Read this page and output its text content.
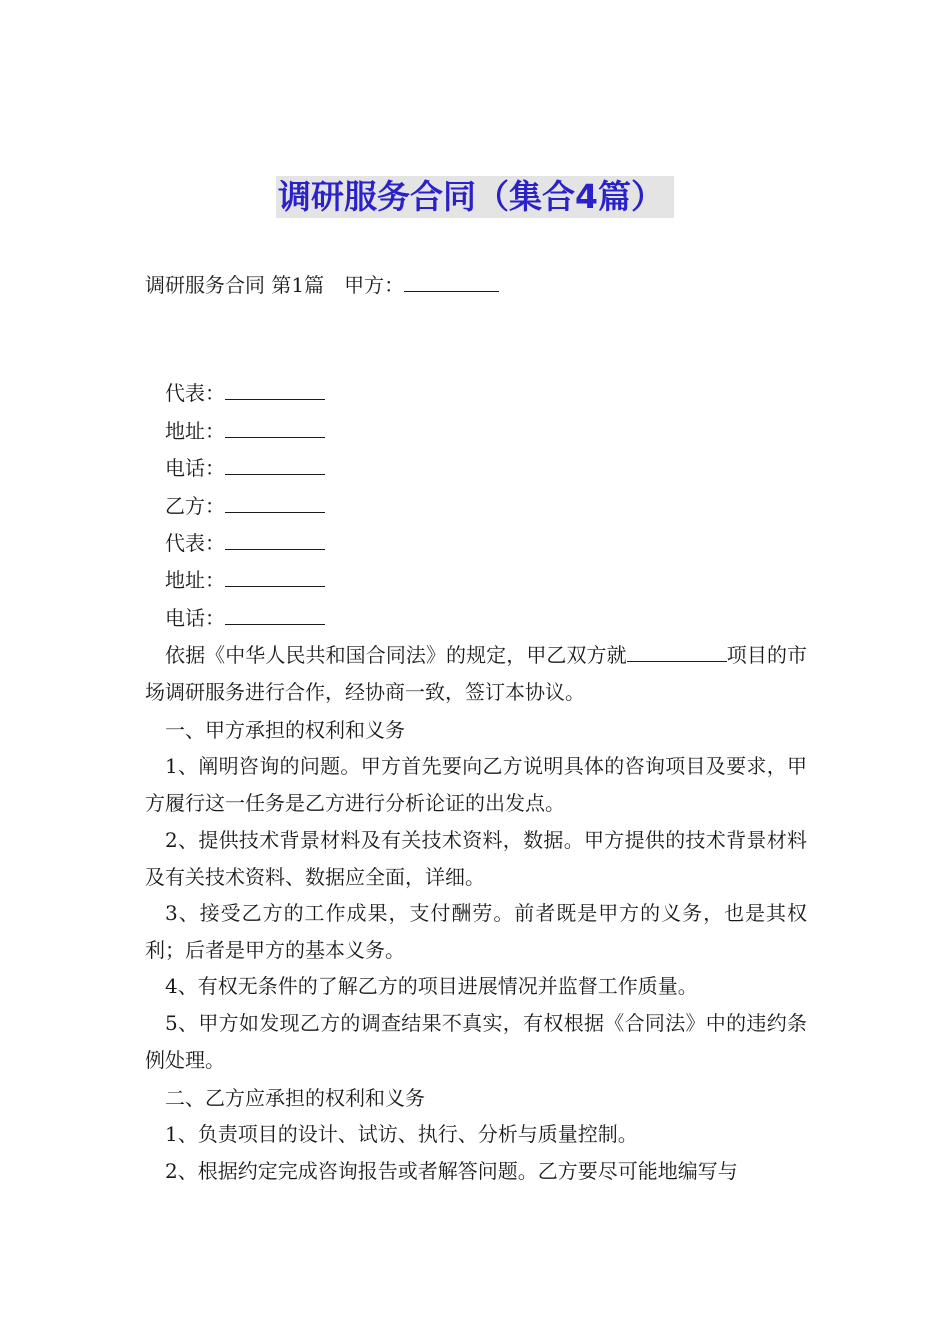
调研服务合同（集合4篇）
调研服务合同 第1篇　甲方：
代表：
地址：
电话：
乙方：
代表：
地址：
电话：
依据《中华人民共和国合同法》的规定，甲乙双方就	项目的市场调研服务进行合作，经协商一致，签订本协议。
一、甲方承担的权利和义务
1、阐明咨询的问题。甲方首先要向乙方说明具体的咨询项目及要求，甲方履行这一任务是乙方进行分析论证的出发点。
2、提供技术背景材料及有关技术资料，数据。甲方提供的技术背景材料及有关技术资料、数据应全面，详细。
3、接受乙方的工作成果，支付酬劳。前者既是甲方的义务，也是其权利；后者是甲方的基本义务。
4、有权无条件的了解乙方的项目进展情况并监督工作质量。
5、甲方如发现乙方的调查结果不真实，有权根据《合同法》中的违约条例处理。
二、乙方应承担的权利和义务
1、负责项目的设计、试访、执行、分析与质量控制。
2、根据约定完成咨询报告或者解答问题。乙方要尽可能地编写与
